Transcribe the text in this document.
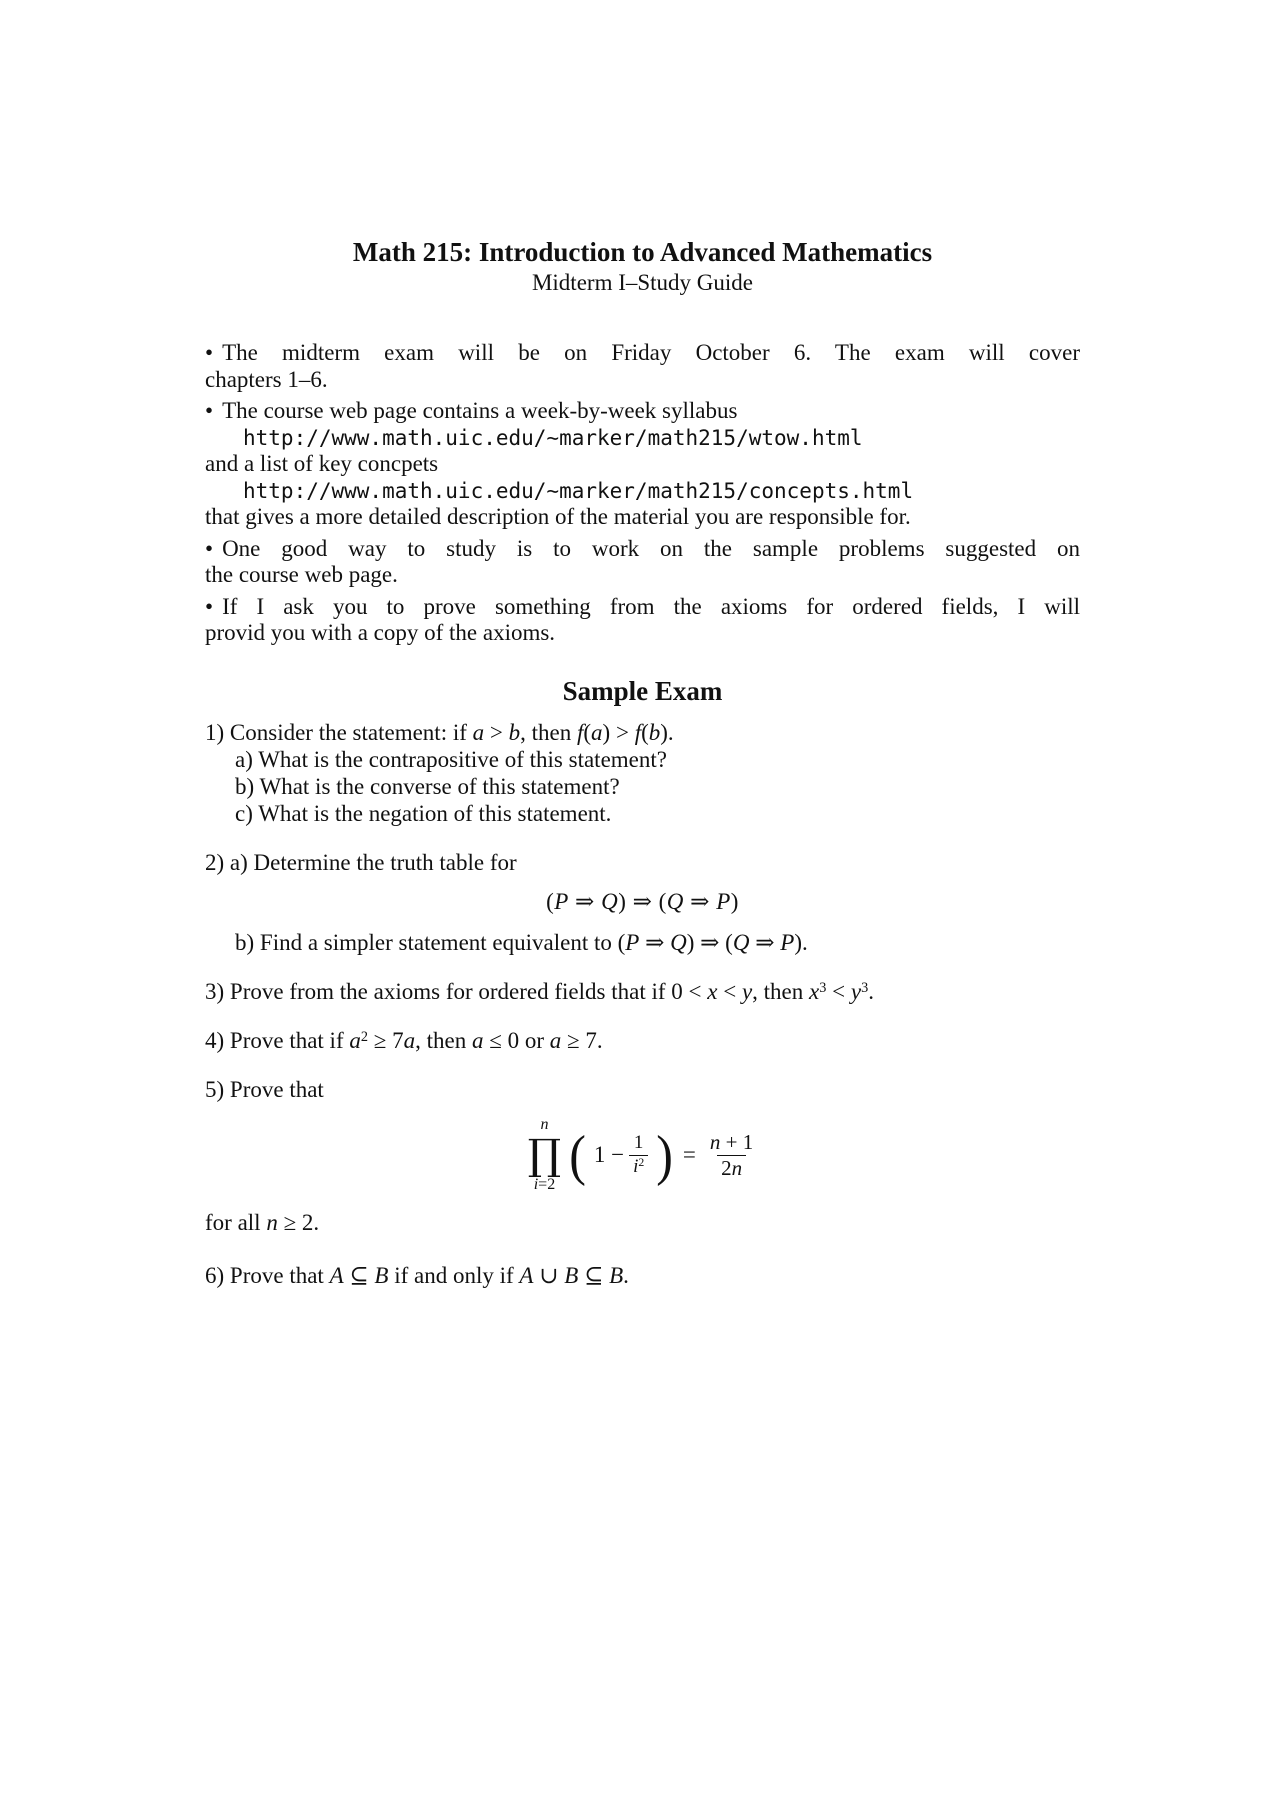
Math 215: Introduction to Advanced Mathematics
Midterm I–Study Guide
• The midterm exam will be on Friday October 6. The exam will cover
chapters 1–6.
• The course web page contains a week-by-week syllabus
http://www.math.uic.edu/∼marker/math215/wtow.html
and a list of key concpets
http://www.math.uic.edu/∼marker/math215/concepts.html
that gives a more detailed description of the material you are responsible for.
• One good way to study is to work on the sample problems suggested on
the course web page.
• If I ask you to prove something from the axioms for ordered fields, I will
provid you with a copy of the axioms.
Sample Exam
1) Consider the statement: if a > b, then f(a) > f(b).
a) What is the contrapositive of this statement?
b) What is the converse of this statement?
c) What is the negation of this statement.
2) a) Determine the truth table for
(P ⇒ Q) ⇒ (Q ⇒ P)
b) Find a simpler statement equivalent to (P ⇒ Q) ⇒ (Q ⇒ P).
3) Prove from the axioms for ordered fields that if 0 < x < y, then $x^3 < y^3$.
4) Prove that if $a^2 \ge 7a$, then a ≤ 0 or a ≥ 7.
5) Prove that
n
∏
i=2 ( $1 - \frac{1}{i^2}$ ) = $\frac{n + 1}{2n}$
for all n ≥ 2.
6) Prove that A ⊆ B if and only if A ∪ B ⊆ B.
